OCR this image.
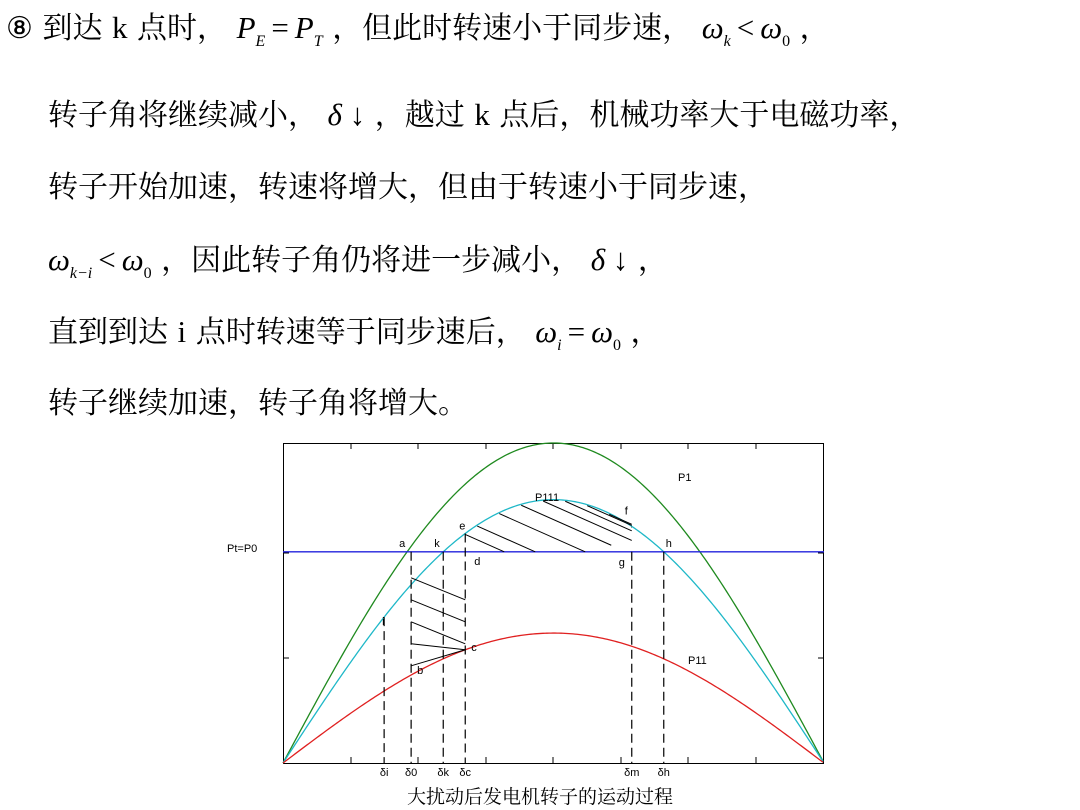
⑧ 到达 k 点时， PE = PT ，但此时转速小于同步速， ωk < ω0 ，
转子角将继续减小， δ ↓ ，越过 k 点后，机械功率大于电磁功率，
转子开始加速，转速将增大，但由于转速小于同步速，
ωk−i < ω0 ，因此转子角仍将进一步减小， δ ↓ ，
直到到达 i 点时转速等于同步速后， ωi = ω0 ，
转子继续加速，转子角将增大。
a	k
e
d
f
g
h
b
c
i
P1
P111
P11
δi δ0 δk δc	δm δh
大扰动后发电机转子的运动过程
Pt=P0
